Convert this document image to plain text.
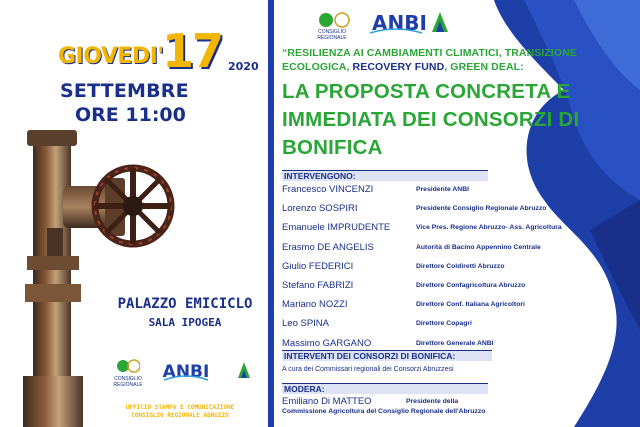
GIOVEDI'
17 2020
SETTEMBRE
ORE 11:00
PALAZZO EMICICLO
SALA IPOGEA
CONSIGLIO REGIONALE
ANBI
UFFICIO STAMPA E COMUNICAZIONE
CONSIGLIO REGIONALE ABRUZZO
ANBI
CONSIGLIO REGIONALE
“RESILIENZA AI CAMBIAMENTI CLIMATICI, TRANSIZIONE ECOLOGICA, RECOVERY FUND, GREEN DEAL:
LA PROPOSTA CONCRETA E IMMEDIATA DEI CONSORZI DI BONIFICA
INTERVENGONO:
Francesco VINCENZI	Presidente ANBI
Lorenzo SOSPIRI	Presidente Consiglio Regionale Abruzzo
Emanuele IMPRUDENTE	Vice Pres. Regione Abruzzo- Ass. Agricoltura
Erasmo DE ANGELIS	Autorità di Bacino Appennino Centrale
Giulio FEDERICI	Direttore Coldiretti Abruzzo
Stefano FABRIZI	Direttore Confagricoltura Abruzzo
Mariano NOZZI	Direttore Conf. Italiana Agricoltori
Leo SPINA	Direttore Copagri
Massimo GARGANO	Direttore Generale ANBI
INTERVENTI DEI CONSORZI DI BONIFICA:
A cura dei Commissari regionali dei Consorzi Abruzzesi
MODERA:
Emiliano Di MATTEO	Presidente della
Commissione Agricoltura del Consiglio Regionale dell'Abruzzo
